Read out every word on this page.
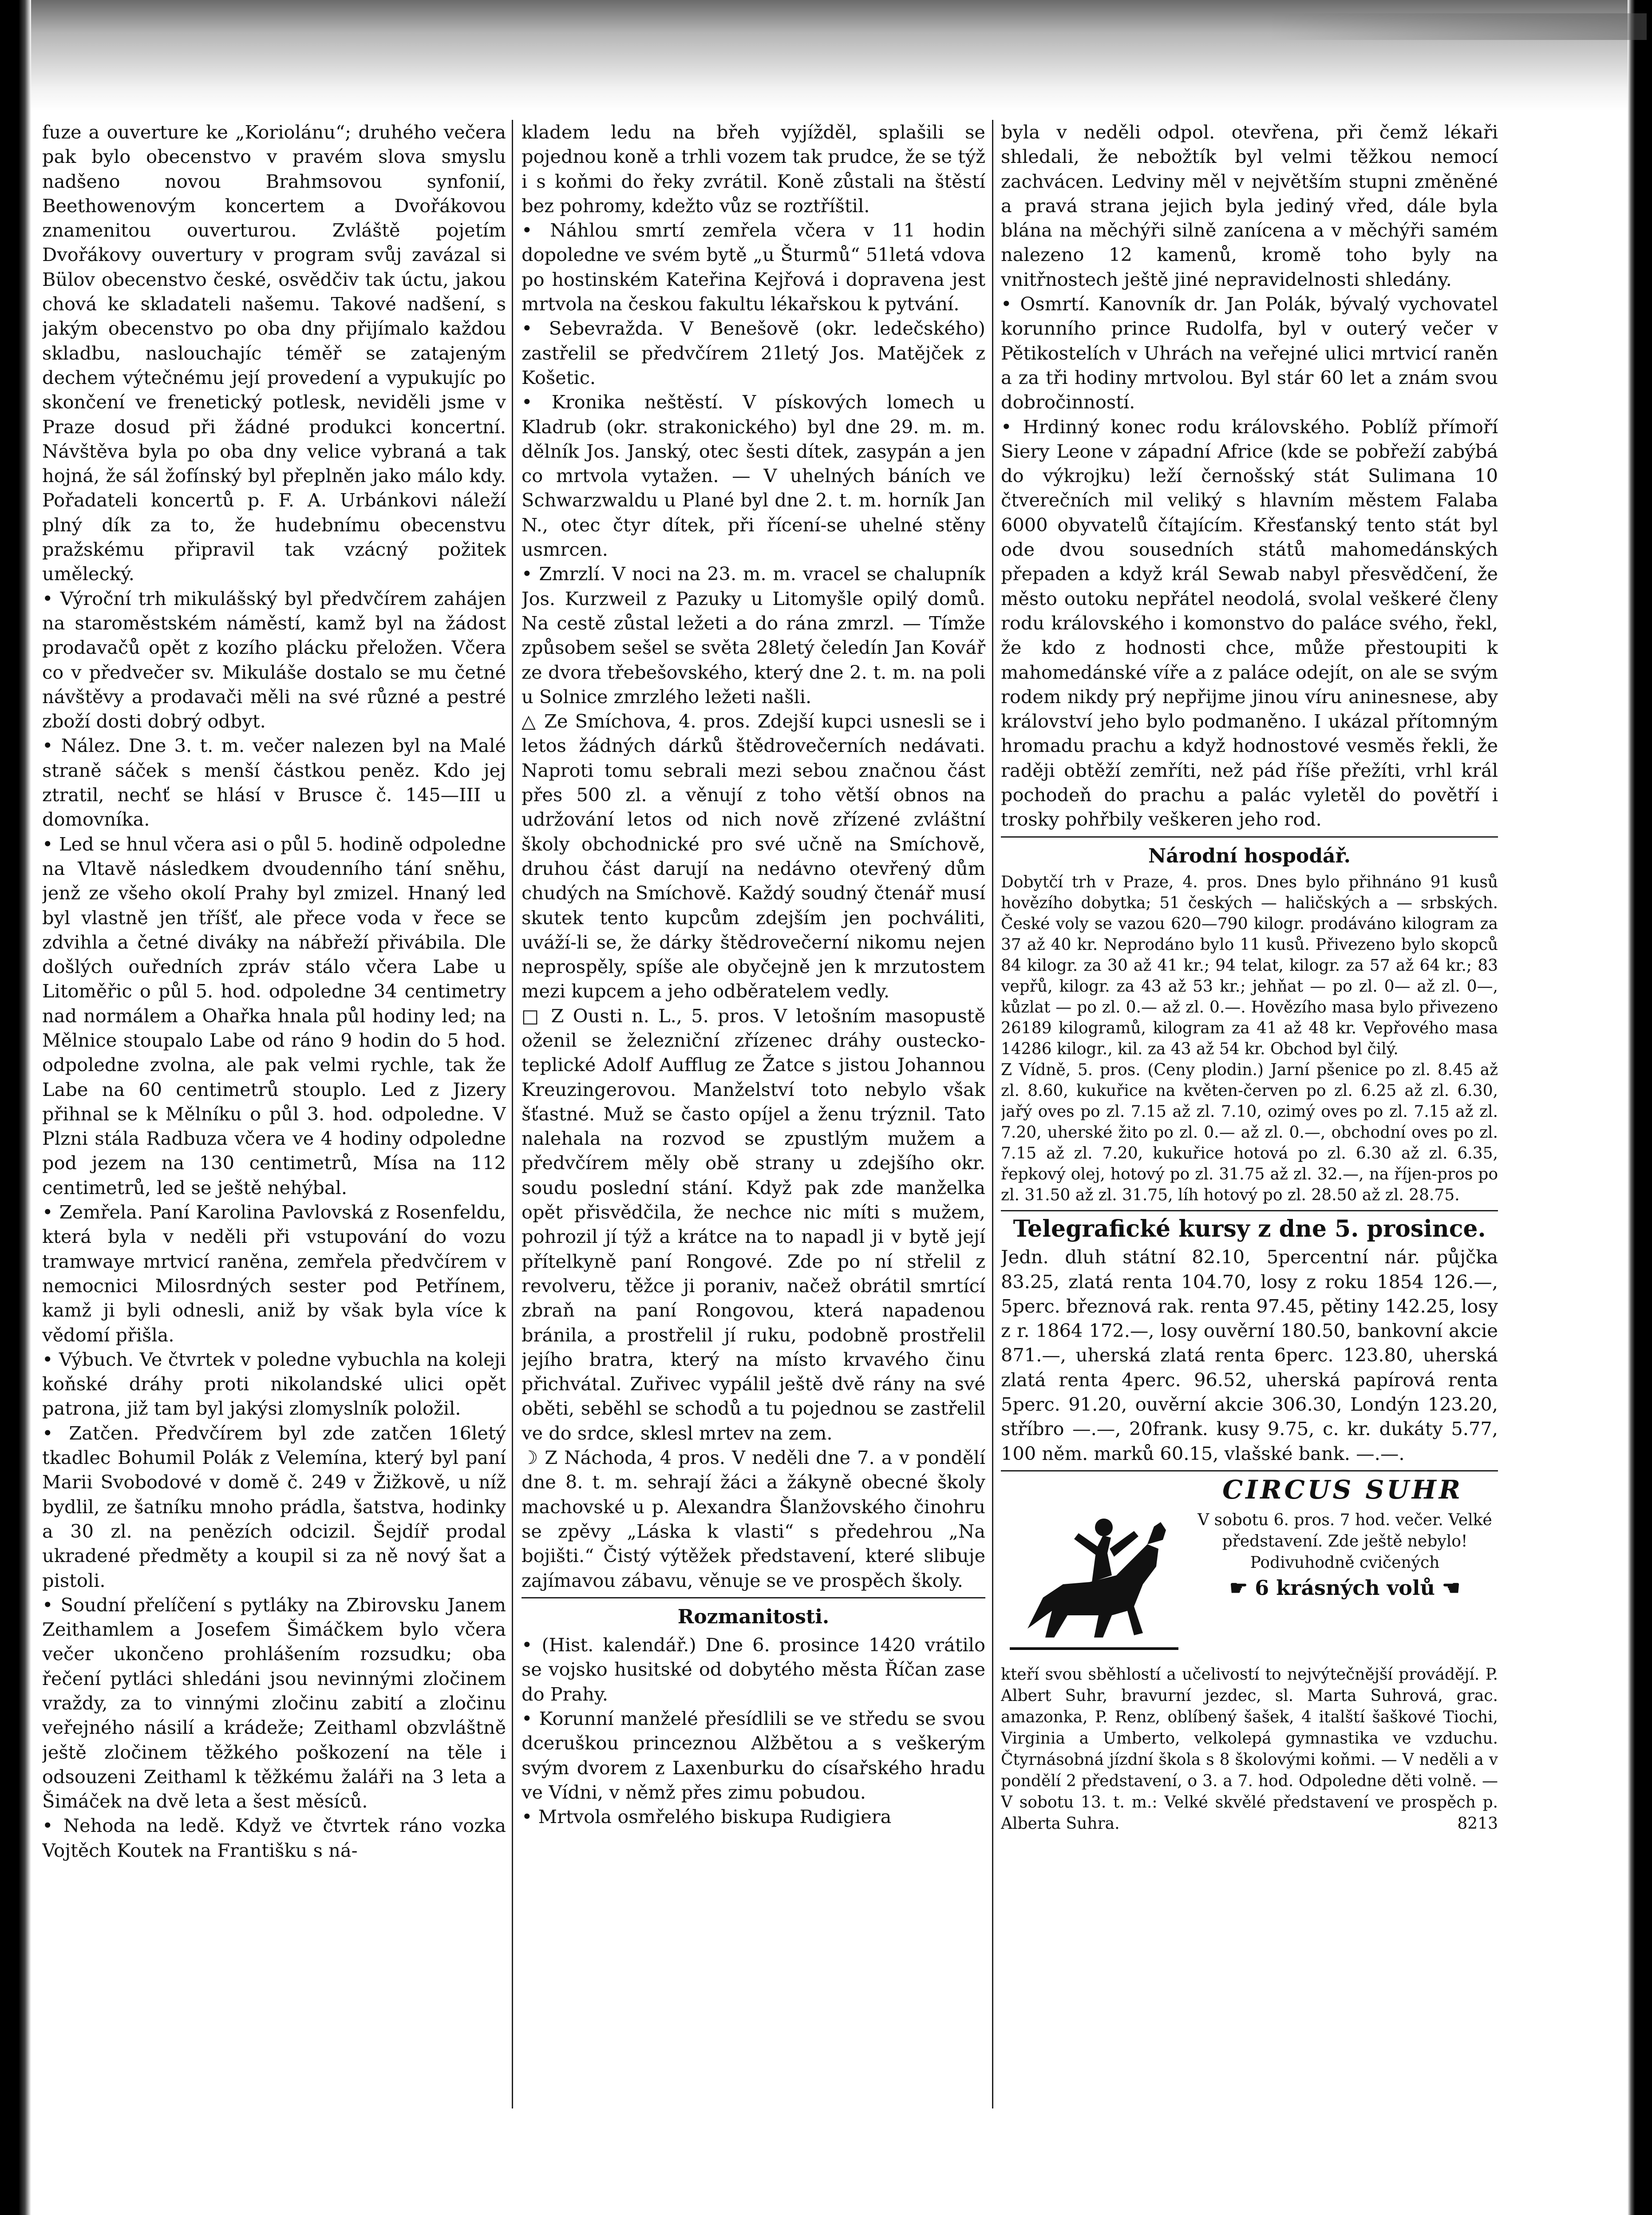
fuze a ouverture ke „Koriolánu“; druhého večera pak bylo obecenstvo v pravém slova smyslu nadšeno novou Brahmsovou synfonií, Beethowenovým koncertem a Dvořákovou znamenitou ouverturou. Zvláště pojetím Dvořákovy ouvertury v program svůj zavázal si Bülov obecenstvo české, osvědčiv tak úctu, jakou chová ke skladateli našemu. Takové nadšení, s jakým obecenstvo po oba dny přijímalo každou skladbu, naslouchajíc téměř se zatajeným dechem výtečnému její provedení a vypukujíc po skončení ve frenetický potlesk, neviděli jsme v Praze dosud při žádné produkci koncertní. Návštěva byla po oba dny velice vybraná a tak hojná, že sál žofínský byl přeplněn jako málo kdy. Pořadateli koncertů p. F. A. Urbánkovi náleží plný dík za to, že hudebnímu obecenstvu pražskému připravil tak vzácný požitek umělecký.

• Výroční trh mikulášský byl předvčírem zahájen na staroměstském náměstí, kamž byl na žádost prodavačů opět z kozího plácku přeložen. Včera co v předvečer sv. Mikuláše dostalo se mu četné návštěvy a prodavači měli na své různé a pestré zboží dosti dobrý odbyt.

• Nález. Dne 3. t. m. večer nalezen byl na Malé straně sáček s menší částkou peněz. Kdo jej ztratil, nechť se hlásí v Brusce č. 145—III u domovníka.

• Led se hnul včera asi o půl 5. hodině odpoledne na Vltavě následkem dvoudenního tání sněhu, jenž ze všeho okolí Prahy byl zmizel. Hnaný led byl vlastně jen tříšť, ale přece voda v řece se zdvihla a četné diváky na nábřeží přivábila. Dle došlých ouředních zpráv stálo včera Labe u Litoměřic o půl 5. hod. odpoledne 34 centimetry nad normálem a Ohařka hnala půl hodiny led; na Mělnice stoupalo Labe od ráno 9 hodin do 5 hod. odpoledne zvolna, ale pak velmi rychle, tak že Labe na 60 centimetrů stouplo. Led z Jizery přihnal se k Mělníku o půl 3. hod. odpoledne. V Plzni stála Radbuza včera ve 4 hodiny odpoledne pod jezem na 130 centimetrů, Mísa na 112 centimetrů, led se ještě nehýbal.

• Zemřela. Paní Karolina Pavlovská z Rosenfeldu, která byla v neděli při vstupování do vozu tramwaye mrtvicí raněna, zemřela předvčírem v nemocnici Milosrdných sester pod Petřínem, kamž ji byli odnesli, aniž by však byla více k vědomí přišla.

• Výbuch. Ve čtvrtek v poledne vybuchla na koleji koňské dráhy proti nikolandské ulici opět patrona, již tam byl jakýsi zlomyslník položil.

• Zatčen. Předvčírem byl zde zatčen 16letý tkadlec Bohumil Polák z Velemína, který byl paní Marii Svobodové v domě č. 249 v Žižkově, u níž bydlil, ze šatníku mnoho prádla, šatstva, hodinky a 30 zl. na penězích odcizil. Šejdíř prodal ukradené předměty a koupil si za ně nový šat a pistoli.

• Soudní přelíčení s pytláky na Zbirovsku Janem Zeithamlem a Josefem Šimáčkem bylo včera večer ukončeno prohlášením rozsudku; oba řečení pytláci shledáni jsou nevinnými zločinem vraždy, za to vinnými zločinu zabití a zločinu veřejného násilí a krádeže; Zeithaml obzvláštně ještě zločinem těžkého poškození na těle i odsouzeni Zeithaml k těžkému žaláři na 3 leta a Šimáček na dvě leta a šest měsíců.

• Nehoda na ledě. Když ve čtvrtek ráno vozka Vojtěch Koutek na Františku s ná-

kladem ledu na břeh vyjížděl, splašili se pojednou koně a trhli vozem tak prudce, že se týž i s koňmi do řeky zvrátil. Koně zůstali na štěstí bez pohromy, kdežto vůz se roztříštil.

• Náhlou smrtí zemřela včera v 11 hodin dopoledne ve svém bytě „u Šturmů“ 51letá vdova po hostinském Kateřina Kejřová i dopravena jest mrtvola na českou fakultu lékařskou k pytvání.

• Sebevražda. V Benešově (okr. ledečského) zastřelil se předvčírem 21letý Jos. Matějček z Košetic.

• Kronika neštěstí. V pískových lomech u Kladrub (okr. strakonického) byl dne 29. m. m. dělník Jos. Janský, otec šesti dítek, zasypán a jen co mrtvola vytažen. — V uhelných báních ve Schwarzwaldu u Plané byl dne 2. t. m. horník Jan N., otec čtyr dítek, při řícení-se uhelné stěny usmrcen.

• Zmrzlí. V noci na 23. m. m. vracel se chalupník Jos. Kurzweil z Pazuky u Litomyšle opilý domů. Na cestě zůstal ležeti a do rána zmrzl. — Tímže způsobem sešel se světa 28letý čeledín Jan Kovář ze dvora třebešovského, který dne 2. t. m. na poli u Solnice zmrzlého ležeti našli.

△ Ze Smíchova, 4. pros. Zdejší kupci usnesli se i letos žádných dárků štědrovečerních nedávati. Naproti tomu sebrali mezi sebou značnou část přes 500 zl. a věnují z toho větší obnos na udržování letos od nich nově zřízené zvláštní školy obchodnické pro své učně na Smíchově, druhou část darují na nedávno otevřený dům chudých na Smíchově. Každý soudný čtenář musí skutek tento kupcům zdejším jen pochváliti, uváží-li se, že dárky štědrovečerní nikomu nejen neprospěly, spíše ale obyčejně jen k mrzutostem mezi kupcem a jeho odběratelem vedly.

□ Z Ousti n. L., 5. pros. V letošním masopustě oženil se železniční zřízenec dráhy oustecko-teplické Adolf Aufflug ze Žatce s jistou Johannou Kreuzingerovou. Manželství toto nebylo však šťastné. Muž se často opíjel a ženu trýznil. Tato nalehala na rozvod se zpustlým mužem a předvčírem měly obě strany u zdejšího okr. soudu poslední stání. Když pak zde manželka opět přisvědčila, že nechce nic míti s mužem, pohrozil jí týž a krátce na to napadl ji v bytě její přítelkyně paní Rongové. Zde po ní střelil z revolveru, těžce ji poraniv, načež obrátil smrtící zbraň na paní Rongovou, která napadenou bránila, a prostřelil jí ruku, podobně prostřelil jejího bratra, který na místo krvavého činu přichvátal. Zuřivec vypálil ještě dvě rány na své oběti, seběhl se schodů a tu pojednou se zastřelil ve do srdce, sklesl mrtev na zem.

☽ Z Náchoda, 4 pros. V neděli dne 7. a v pondělí dne 8. t. m. sehrají žáci a žákyně obecné školy machovské u p. Alexandra Šlanžovského činohru se zpěvy „Láska k vlasti“ s předehrou „Na bojišti.“ Čistý výtěžek představení, které slibuje zajímavou zábavu, věnuje se ve prospěch školy.

Rozmanitosti.

• (Hist. kalendář.) Dne 6. prosince 1420 vrátilo se vojsko husitské od dobytého města Říčan zase do Prahy.

• Korunní manželé přesídlili se ve středu se svou dceruškou princeznou Alžbětou a s veškerým svým dvorem z Laxenburku do císařského hradu ve Vídni, v němž přes zimu pobudou.

• Mrtvola osmřelého biskupa Rudigiera

byla v neděli odpol. otevřena, při čemž lékaři shledali, že nebožtík byl velmi těžkou nemocí zachvácen. Ledviny měl v největším stupni změněné a pravá strana jejich byla jediný vřed, dále byla blána na měchýři silně zanícena a v měchýři samém nalezeno 12 kamenů, kromě toho byly na vnitřnostech ještě jiné nepravidelnosti shledány.

• Osmrtí. Kanovník dr. Jan Polák, bývalý vychovatel korunního prince Rudolfa, byl v outerý večer v Pětikostelích v Uhrách na veřejné ulici mrtvicí raněn a za tři hodiny mrtvolou. Byl stár 60 let a znám svou dobročinností.

• Hrdinný konec rodu královského. Poblíž přímoří Siery Leone v západní Africe (kde se pobřeží zabýbá do výkrojku) leží černošský stát Sulimana 10 čtverečních mil veliký s hlavním městem Falaba 6000 obyvatelů čítajícím. Křesťanský tento stát byl ode dvou sousedních států mahomedánských přepaden a když král Sewab nabyl přesvědčení, že město outoku nepřátel neodolá, svolal veškeré členy rodu královského i komonstvo do paláce svého, řekl, že kdo z hodnosti chce, může přestoupiti k mahomedánské víře a z paláce odejít, on ale se svým rodem nikdy prý nepřijme jinou víru aninesnese, aby království jeho bylo podmaněno. I ukázal přítomným hromadu prachu a když hodnostové vesměs řekli, že raději obtěží zemříti, než pád říše přežíti, vrhl král pochodeň do prachu a palác vyletěl do povětří i trosky pohřbily veškeren jeho rod.

Národní hospodář.

Dobytčí trh v Praze, 4. pros. Dnes bylo přihnáno 91 kusů hovězího dobytka; 51 českých — haličských a — srbských. České voly se vazou 620—790 kilogr. prodáváno kilogram za 37 až 40 kr. Neprodáno bylo 11 kusů. Přivezeno bylo skopců 84 kilogr. za 30 až 41 kr.; 94 telat, kilogr. za 57 až 64 kr.; 83 vepřů, kilogr. za 43 až 53 kr.; jehňat — po zl. 0— až zl. 0—, kůzlat — po zl. 0.— až zl. 0.—. Hovězího masa bylo přivezeno 26189 kilogramů, kilogram za 41 až 48 kr. Vepřového masa 14286 kilogr., kil. za 43 až 54 kr. Obchod byl čilý.

Z Vídně, 5. pros. (Ceny plodin.) Jarní pšenice po zl. 8.45 až zl. 8.60, kukuřice na květen-červen po zl. 6.25 až zl. 6.30, jařý oves po zl. 7.15 až zl. 7.10, ozimý oves po zl. 7.15 až zl. 7.20, uherské žito po zl. 0.— až zl. 0.—, obchodní oves po zl. 7.15 až zl. 7.20, kukuřice hotová po zl. 6.30 až zl. 6.35, řepkový olej, hotový po zl. 31.75 až zl. 32.—, na říjen-pros po zl. 31.50 až zl. 31.75, líh hotový po zl. 28.50 až zl. 28.75.

Telegrafické kursy z dne 5. prosince.

Jedn. dluh státní 82.10, 5percentní nár. půjčka 83.25, zlatá renta 104.70, losy z roku 1854 126.—, 5perc. březnová rak. renta 97.45, pětiny 142.25, losy z r. 1864 172.—, losy ouvěrní 180.50, bankovní akcie 871.—, uherská zlatá renta 6perc. 123.80, uherská zlatá renta 4perc. 96.52, uherská papírová renta 5perc. 91.20, ouvěrní akcie 306.30, Londýn 123.20, stříbro —.—, 20frank. kusy 9.75, c. kr. dukáty 5.77, 100 něm. marků 60.15, vlašské bank. —.—.

CIRCUS SUHR
V sobotu 6. pros. 7 hod. večer. Velké představení. Zde ještě nebylo! Podivuhodně cvičených
☛ 6 krásných volů ☚
kteří svou sběhlostí a učelivostí to nejvýtečnější provádějí. P. Albert Suhr, bravurní jezdec, sl. Marta Suhrová, grac. amazonka, P. Renz, oblíbený šašek, 4 italští šaškové Tiochi, Virginia a Umberto, velkolepá gymnastika ve vzduchu. Čtyrnásobná jízdní škola s 8 školovými koňmi. — V neděli a v pondělí 2 představení, o 3. a 7. hod. Odpoledne děti volně. — V sobotu 13. t. m.: Velké skvělé představení ve prospěch p. Alberta Suhra.	8213
